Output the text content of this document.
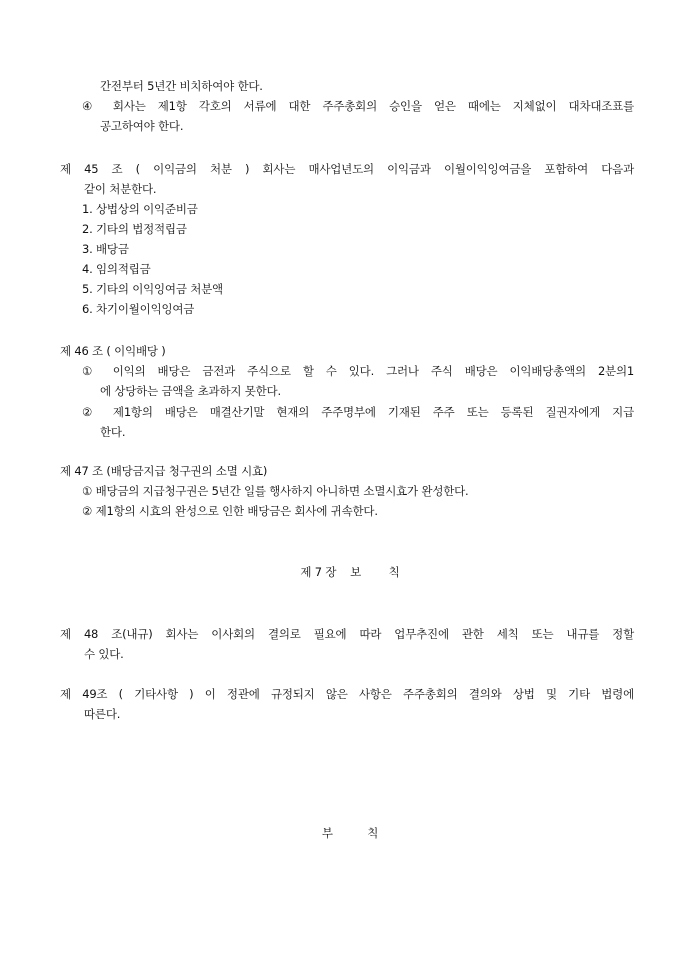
간전부터 5년간 비치하여야 한다.
④ 회사는 제1항 각호의 서류에 대한 주주총회의 승인을 얻은 때에는 지체없이 대차대조표를
공고하여야 한다.
제 45 조 ( 이익금의 처분 ) 회사는 매사업년도의 이익금과 이월이익잉여금을 포함하여 다음과
같이 처분한다.
1. 상법상의 이익준비금
2. 기타의 법정적립금
3. 배당금
4. 임의적립금
5. 기타의 이익잉여금 처분액
6. 차기이월이익잉여금
제 46 조 ( 이익배당 )
① 이익의 배당은 금전과 주식으로 할 수 있다. 그러나 주식 배당은 이익배당총액의 2분의1
에 상당하는 금액을 초과하지 못한다.
② 제1항의 배당은 매결산기말 현재의 주주명부에 기재된 주주 또는 등록된 질권자에게 지급
한다.
제 47 조 (배당금지급 청구권의 소멸 시효)
① 배당금의 지급청구권은 5년간 일를 행사하지 아니하면 소멸시효가 완성한다.
② 제1항의 시효의 완성으로 인한 배당금은 회사에 귀속한다.
제 7 장    보        칙
제 48 조(내규) 회사는 이사회의 결의로 필요에 따라 업무추진에 관한 세칙 또는 내규를 정할
수 있다.
제 49조 ( 기타사항 ) 이 정관에 규정되지 않은 사항은 주주총회의 결의와 상법 및 기타 법령에
따른다.
부          칙
